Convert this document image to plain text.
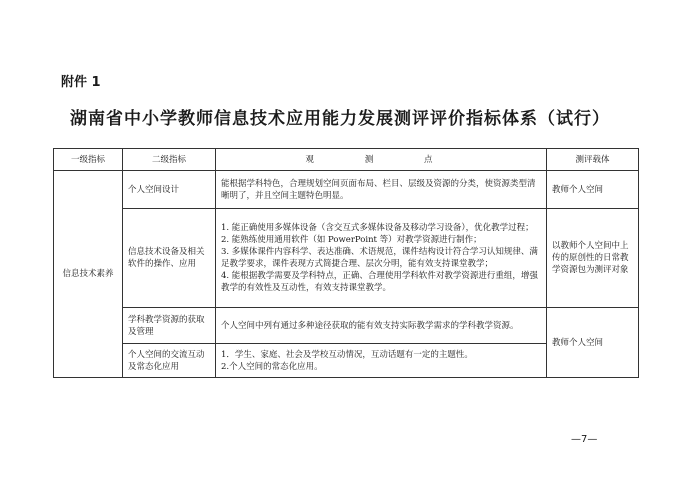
附件 1
湖南省中小学教师信息技术应用能力发展测评评价指标体系（试行）
一级指标	二级指标	观 测 点	测评载体
信息技术素养	个人空间设计	能根据学科特色，合理规划空间页面布局、栏目、层级及资源的分类，使资源类型清晰明了，并且空间主题特色明显。	教师个人空间
	信息技术设备及相关软件的操作、应用	1. 能正确使用多媒体设备（含交互式多媒体设备及移动学习设备），优化教学过程；
2. 能熟练使用通用软件（如 PowerPoint 等）对教学资源进行制作；
3. 多媒体课件内容科学、表达准确、术语规范，课件结构设计符合学习认知规律、满足教学要求，课件表现方式简捷合理、层次分明，能有效支持课堂教学；
4. 能根据教学需要及学科特点，正确、合理使用学科软件对教学资源进行重组，增强教学的有效性及互动性，有效支持课堂教学。	以教师个人空间中上传的原创性的日常教学资源包为测评对象
	学科教学资源的获取及管理	个人空间中列有通过多种途径获取的能有效支持实际教学需求的学科教学资源。	教师个人空间
	个人空间的交流互动及常态化应用	1．学生、家庭、社会及学校互动情况，互动话题有一定的主题性。
2.个人空间的常态化应用。	
—7—
